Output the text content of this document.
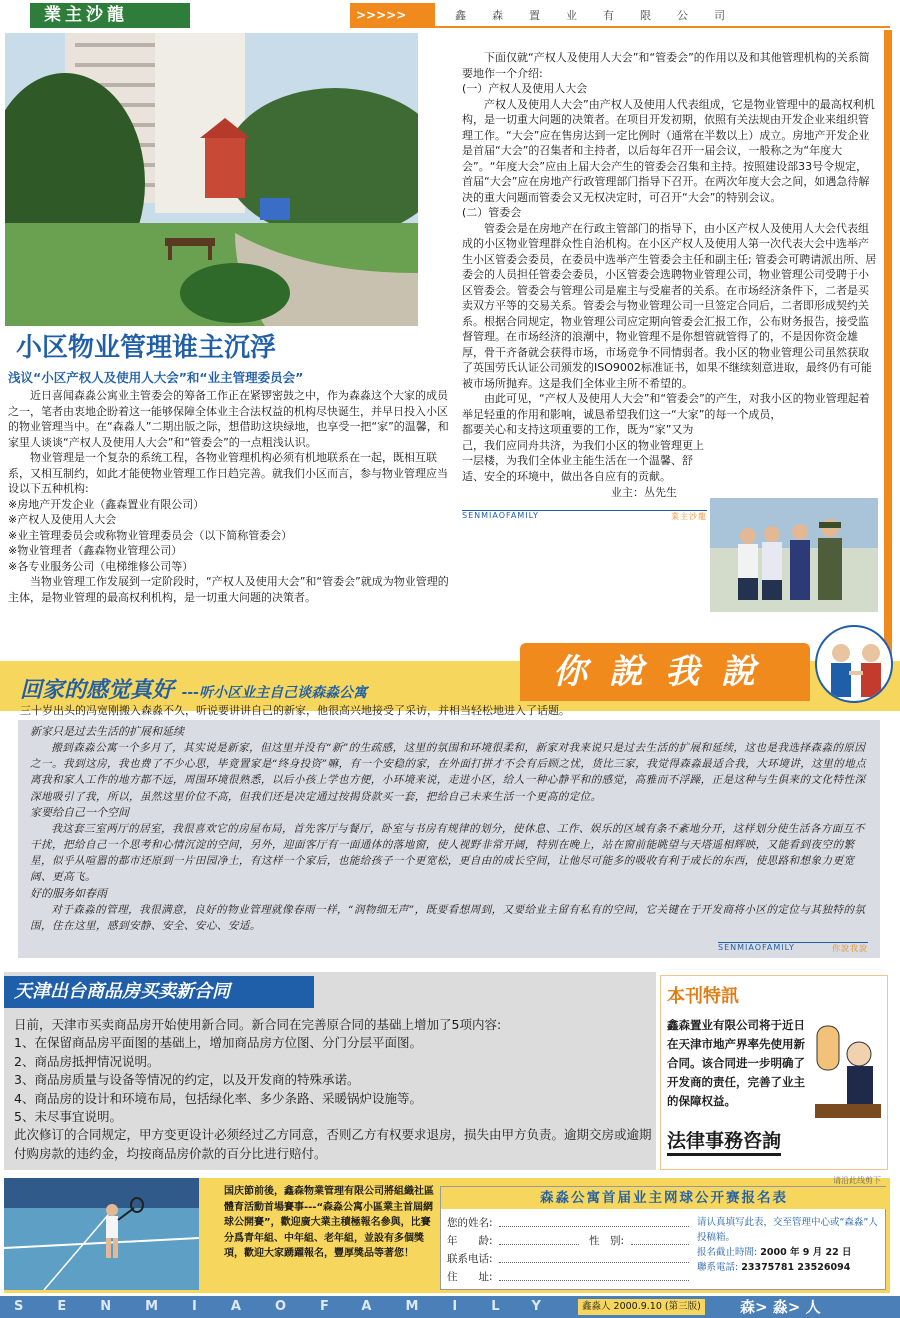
業主沙龍	>>>>>	鑫森置业有限公司
小区物业管理谁主沉浮
浅议“小区产权人及使用人大会”和“业主管理委员会”

近日喜闻森淼公寓业主管委会的筹备工作正在紧锣密鼓之中，作为森淼这个大家的成员之一，笔者由衷地企盼着这一能够保障全体业主合法权益的机构尽快诞生，并早日投入小区的物业管理当中。在“森淼人”二期出版之际，想借助这块绿地，也享受一把“家”的温馨，和家里人谈谈“产权人及使用人大会”和“管委会”的一点粗浅认识。

物业管理是一个复杂的系统工程，各物业管理机构必须有机地联系在一起，既相互联系，又相互制约，如此才能使物业管理工作日趋完善。就我们小区而言，参与物业管理应当设以下五种机构:

※房地产开发企业（鑫森置业有限公司）
※产权人及使用人大会
※业主管理委员会或称物业管理委员会（以下简称管委会）
※物业管理者（鑫森物业管理公司）
※各专业服务公司（电梯维修公司等）

当物业管理工作发展到一定阶段时，“产权人及使用大会”和“管委会”就成为物业管理的主体，是物业管理的最高权利机构，是一切重大问题的决策者。

下面仅就“产权人及使用人大会”和“管委会”的作用以及和其他管理机构的关系简要地作一个介绍:
(一）产权人及使用人大会
产权人及使用人大会”由产权人及使用人代表组成，它是物业管理中的最高权利机构，是一切重大问题的决策者。在项目开发初期，依照有关法规由开发企业来组织管理工作。“大会”应在售房达到一定比例时（通常在半数以上）成立。房地产开发企业是首届“大会”的召集者和主持者，以后每年召开一届会议，一般称之为“年度大会”。“年度大会”应由上届大会产生的管委会召集和主持。按照建设部33号令规定，首届“大会”应在房地产行政管理部门指导下召开。在两次年度大会之间，如遇急待解决的重大问题而管委会又无权决定时，可召开“大会”的特别会议。
(二）管委会
管委会是在房地产在行政主管部门的指导下，由小区产权人及使用人大会代表组成的小区物业管理群众性自治机构。在小区产权人及使用人第一次代表大会中选举产生小区管委会委员，在委员中选举产生管委会主任和副主任; 管委会可聘请派出所、居委会的人员担任管委会委员，小区管委会选聘物业管理公司，物业管理公司受聘于小区管委会。管委会与管理公司是雇主与受雇者的关系。在市场经济条件下，二者是买卖双方平等的交易关系。管委会与物业管理公司一旦签定合同后，二者即形成契约关系。根据合同规定，物业管理公司应定期向管委会汇报工作，公布财务报告，接受监督管理。在市场经济的浪潮中，物业管理不是你想管就管得了的，不是因你资金雄厚，骨干齐备就会获得市场，市场竞争不同情弱者。我小区的物业管理公司虽然获取了英国劳氏认证公司颁发的ISO9002标准证书，如果不继续刻意进取，最终仍有可能被市场所抛弃。这是我们全体业主所不希望的。
由此可见，“产权人及使用人大会”和“管委会”的产生，对我小区的物业管理起着举足轻重的作用和影响，诚恳希望我们这一“大家”的每一个成员，
都要关心和支持这项重要的工作，既为“家”又为己，我们应同舟共济，为我们小区的物业管理更上一层楼，为我们全体业主能生活在一个温馨、舒适、安全的环境中，做出各自应有的贡献。
业主：丛先生
SENMIAOFAMILY	業主沙龍
你說我說
回家的感觉真好 ---听小区业主自己谈森淼公寓
三十岁出头的冯宽刚搬入森淼不久，听说要讲讲自己的新家，他很高兴地接受了采访，并相当轻松地进入了话题。
新家只是过去生活的扩展和延续

搬到森淼公寓一个多月了，其实说是新家，但这里并没有“新”的生疏感，这里的氛围和环境很柔和，新家对我来说只是过去生活的扩展和延续，这也是我选择森淼的原因之一。我到这房，我也费了不少心思，毕竟置家是“终身投资”嘛，有一个安稳的家，在外面打拼才不会有后顾之忧，货比三家，我觉得森淼最适合我，大环境讲，这里的地点离我和家人工作的地方都不远，周围环境很熟悉，以后小孩上学也方便，小环境来说，走进小区，给人一种心静平和的感觉，高雅而不浮躁，正是这种与生俱来的文化特性深深地吸引了我，所以，虽然这里价位不高，但我们还是决定通过按揭贷款买一套，把给自己未来生活一个更高的定位。

家要给自己一个空间

我这套三室两厅的居室，我很喜欢它的房屋布局，首先客厅与餐厅，卧室与书房有规律的划分，使休息、工作、娱乐的区域有条不紊地分开，这样划分使生活各方面互不干扰，把给自己一个思考和心情沉淀的空间，另外，迎面客厅有一面通体的落地窗，使人视野非常开阔，特别在晚上，站在窗前能眺望与天塔遥相辉映，又能看到夜空的繁星，似乎从喧嚣的都市还原到一片田园净土，有这样一个家后，也能给孩子一个更宽松，更自由的成长空间，让他尽可能多的吸收有利于成长的东西，使思路和想象力更宽阔、更高飞。

好的服务如春雨

对于森淼的管理，我很满意，良好的物业管理就像春雨一样，“润物细无声”，既要看想周到，又要给业主留有私有的空间，它关键在于开发商将小区的定位与其独特的氛围，住在这里，感到安静、安全、安心、安适。

SENMIAOFAMILY	你說我說
天津出台商品房买卖新合同
日前，天津市买卖商品房开始使用新合同。新合同在完善原合同的基础上增加了5项内容:
1、在保留商品房平面图的基础上，增加商品房方位图、分门分层平面图。
2、商品房抵押情况说明。
3、商品房质量与设备等情况的约定，以及开发商的特殊承诺。
4、商品房的设计和环境布局，包括绿化率、多少条路、采暖锅炉设施等。
5、未尽事宜说明。
此次修订的合同规定，甲方变更设计必须经过乙方同意，否则乙方有权要求退房，损失由甲方负责。逾期交房或逾期付购房款的违约金，均按商品房价款的百分比进行赔付。
本刊特訊
鑫森置业有限公司将于近日在天津市地产界率先使用新合同。该合同进一步明确了开发商的责任，完善了业主的保障权益。
法律事務咨詢
国庆節前後，鑫森物業管理有限公司將組織社區體育活動首場賽事---“森淼公寓小區業主首屆網球公開賽”，歡迎廣大業主積極報名參與，比賽分爲青年組、中年組、老年組，並設有多個獎項，歡迎大家踴躍報名，豐厚獎品等著您！
森淼公寓首届业主网球公开赛报名表
请沿此线剪下
您的姓名:
年　　龄:	性　别:
联系电话:
住　　址:
请认真填写此表，交至管理中心或“森淼”人投稿箱。
报名截止時間: 2000 年 9 月 22 日
聯系電話: 23375781 23526094
SENMIAOFAMILY 鑫淼人 2000.9.10 (第三版)	森> 淼> 人
